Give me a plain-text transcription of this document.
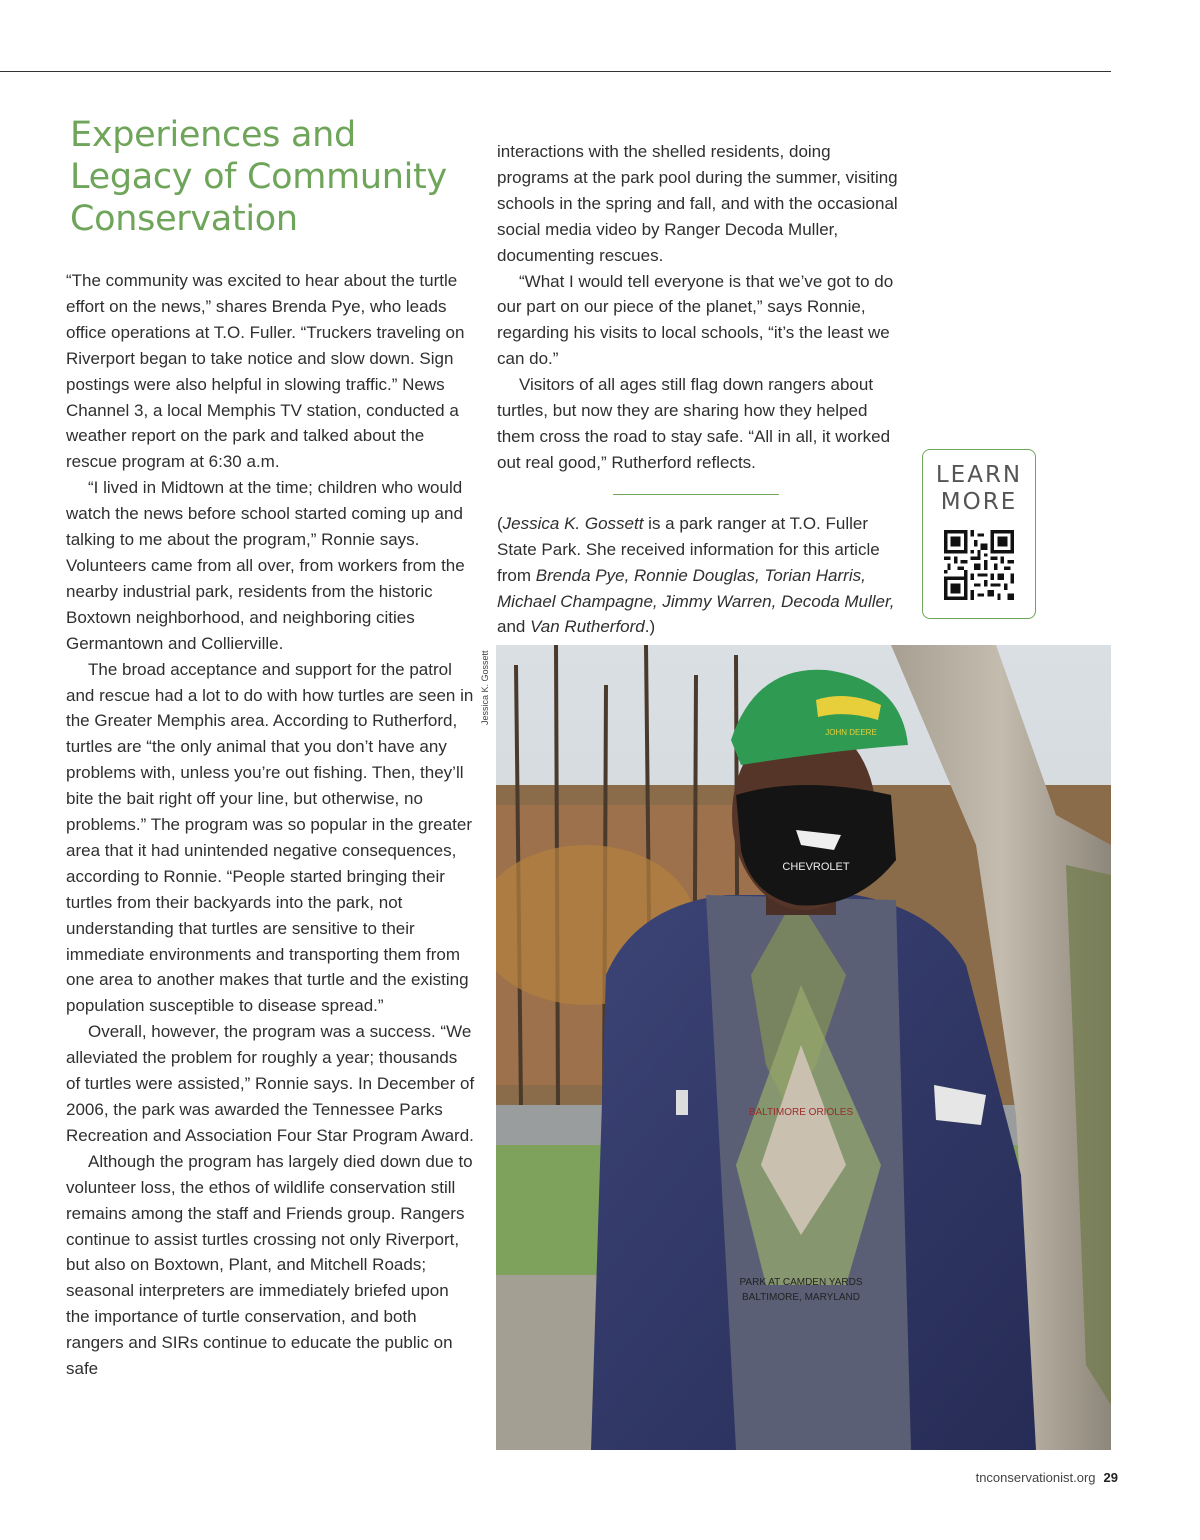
Experiences and Legacy of Community Conservation

“The community was excited to hear about the turtle effort on the news,” shares Brenda Pye, who leads office operations at T.O. Fuller. “Truckers traveling on Riverport began to take notice and slow down. Sign postings were also helpful in slowing traffic.” News Channel 3, a local Memphis TV station, conducted a weather report on the park and talked about the rescue program at 6:30 a.m.

“I lived in Midtown at the time; children who would watch the news before school started coming up and talking to me about the program,” Ronnie says. Volunteers came from all over, from workers from the nearby industrial park, residents from the historic Boxtown neighborhood, and neighboring cities Germantown and Collierville.

The broad acceptance and support for the patrol and rescue had a lot to do with how turtles are seen in the Greater Memphis area. According to Rutherford, turtles are “the only animal that you don’t have any problems with, unless you’re out fishing. Then, they’ll bite the bait right off your line, but otherwise, no problems.” The program was so popular in the greater area that it had unintended negative consequences, according to Ronnie. “People started bringing their turtles from their backyards into the park, not understanding that turtles are sensitive to their immediate environments and transporting them from one area to another makes that turtle and the existing population susceptible to disease spread.”

Overall, however, the program was a success. “We alleviated the problem for roughly a year; thousands of turtles were assisted,” Ronnie says. In December of 2006, the park was awarded the Tennessee Parks Recreation and Association Four Star Program Award.

Although the program has largely died down due to volunteer loss, the ethos of wildlife conservation still remains among the staff and Friends group. Rangers continue to assist turtles crossing not only Riverport, but also on Boxtown, Plant, and Mitchell Roads; seasonal interpreters are immediately briefed upon the importance of turtle conservation, and both rangers and SIRs continue to educate the public on safe

interactions with the shelled residents, doing programs at the park pool during the summer, visiting schools in the spring and fall, and with the occasional social media video by Ranger Decoda Muller, documenting rescues.

“What I would tell everyone is that we’ve got to do our part on our piece of the planet,” says Ronnie, regarding his visits to local schools, “it’s the least we can do.”

Visitors of all ages still flag down rangers about turtles, but now they are sharing how they helped them cross the road to stay safe. “All in all, it worked out real good,” Rutherford reflects.

(Jessica K. Gossett is a park ranger at T.O. Fuller State Park. She received information for this article from Brenda Pye, Ronnie Douglas, Torian Harris, Michael Champagne, Jimmy Warren, Decoda Muller, and Van Rutherford.)

LEARN
MORE
Jessica K. Gossett
CHEVROLET
JOHN DEERE
BALTIMORE ORIOLES
PARK AT CAMDEN YARDS
BALTIMORE, MARYLAND
tnconservationist.org 29
